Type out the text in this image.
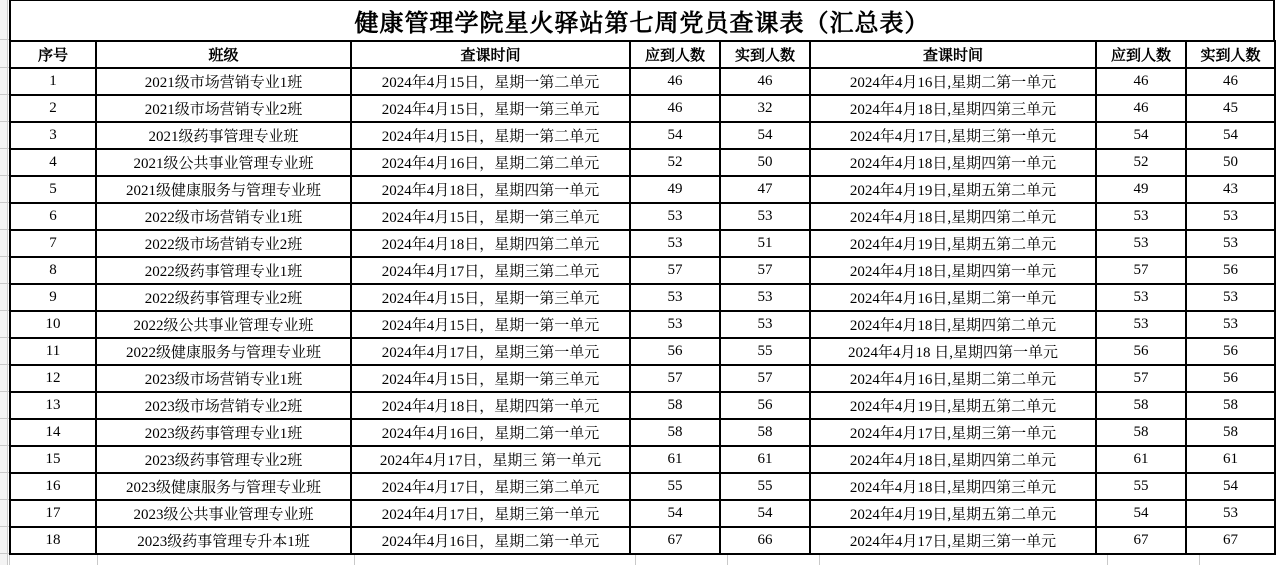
健康管理学院星火驿站第七周党员查课表（汇总表）
序号	班级	查课时间	应到人数	实到人数	查课时间	应到人数	实到人数
1	2021级市场营销专业1班	2024年4月15日，星期一第二单元	46	46	2024年4月16日,星期二第一单元	46	46
2	2021级市场营销专业2班	2024年4月15日，星期一第三单元	46	32	2024年4月18日,星期四第三单元	46	45
3	2021级药事管理专业班	2024年4月15日，星期一第二单元	54	54	2024年4月17日,星期三第一单元	54	54
4	2021级公共事业管理专业班	2024年4月16日，星期二第二单元	52	50	2024年4月18日,星期四第一单元	52	50
5	2021级健康服务与管理专业班	2024年4月18日，星期四第一单元	49	47	2024年4月19日,星期五第二单元	49	43
6	2022级市场营销专业1班	2024年4月15日，星期一第三单元	53	53	2024年4月18日,星期四第二单元	53	53
7	2022级市场营销专业2班	2024年4月18日，星期四第二单元	53	51	2024年4月19日,星期五第二单元	53	53
8	2022级药事管理专业1班	2024年4月17日，星期三第二单元	57	57	2024年4月18日,星期四第一单元	57	56
9	2022级药事管理专业2班	2024年4月15日，星期一第三单元	53	53	2024年4月16日,星期二第一单元	53	53
10	2022级公共事业管理专业班	2024年4月15日，星期一第一单元	53	53	2024年4月18日,星期四第二单元	53	53
11	2022级健康服务与管理专业班	2024年4月17日，星期三第一单元	56	55	2024年4月18 日,星期四第一单元	56	56
12	2023级市场营销专业1班	2024年4月15日，星期一第三单元	57	57	2024年4月16日,星期二第二单元	57	56
13	2023级市场营销专业2班	2024年4月18日，星期四第一单元	58	56	2024年4月19日,星期五第二单元	58	58
14	2023级药事管理专业1班	2024年4月16日，星期二第一单元	58	58	2024年4月17日,星期三第一单元	58	58
15	2023级药事管理专业2班	2024年4月17日，星期三 第一单元	61	61	2024年4月18日,星期四第二单元	61	61
16	2023级健康服务与管理专业班	2024年4月17日，星期三第二单元	55	55	2024年4月18日,星期四第三单元	55	54
17	2023级公共事业管理专业班	2024年4月17日，星期三第一单元	54	54	2024年4月19日,星期五第二单元	54	53
18	2023级药事管理专升本1班	2024年4月16日，星期二第一单元	67	66	2024年4月17日,星期三第一单元	67	67
